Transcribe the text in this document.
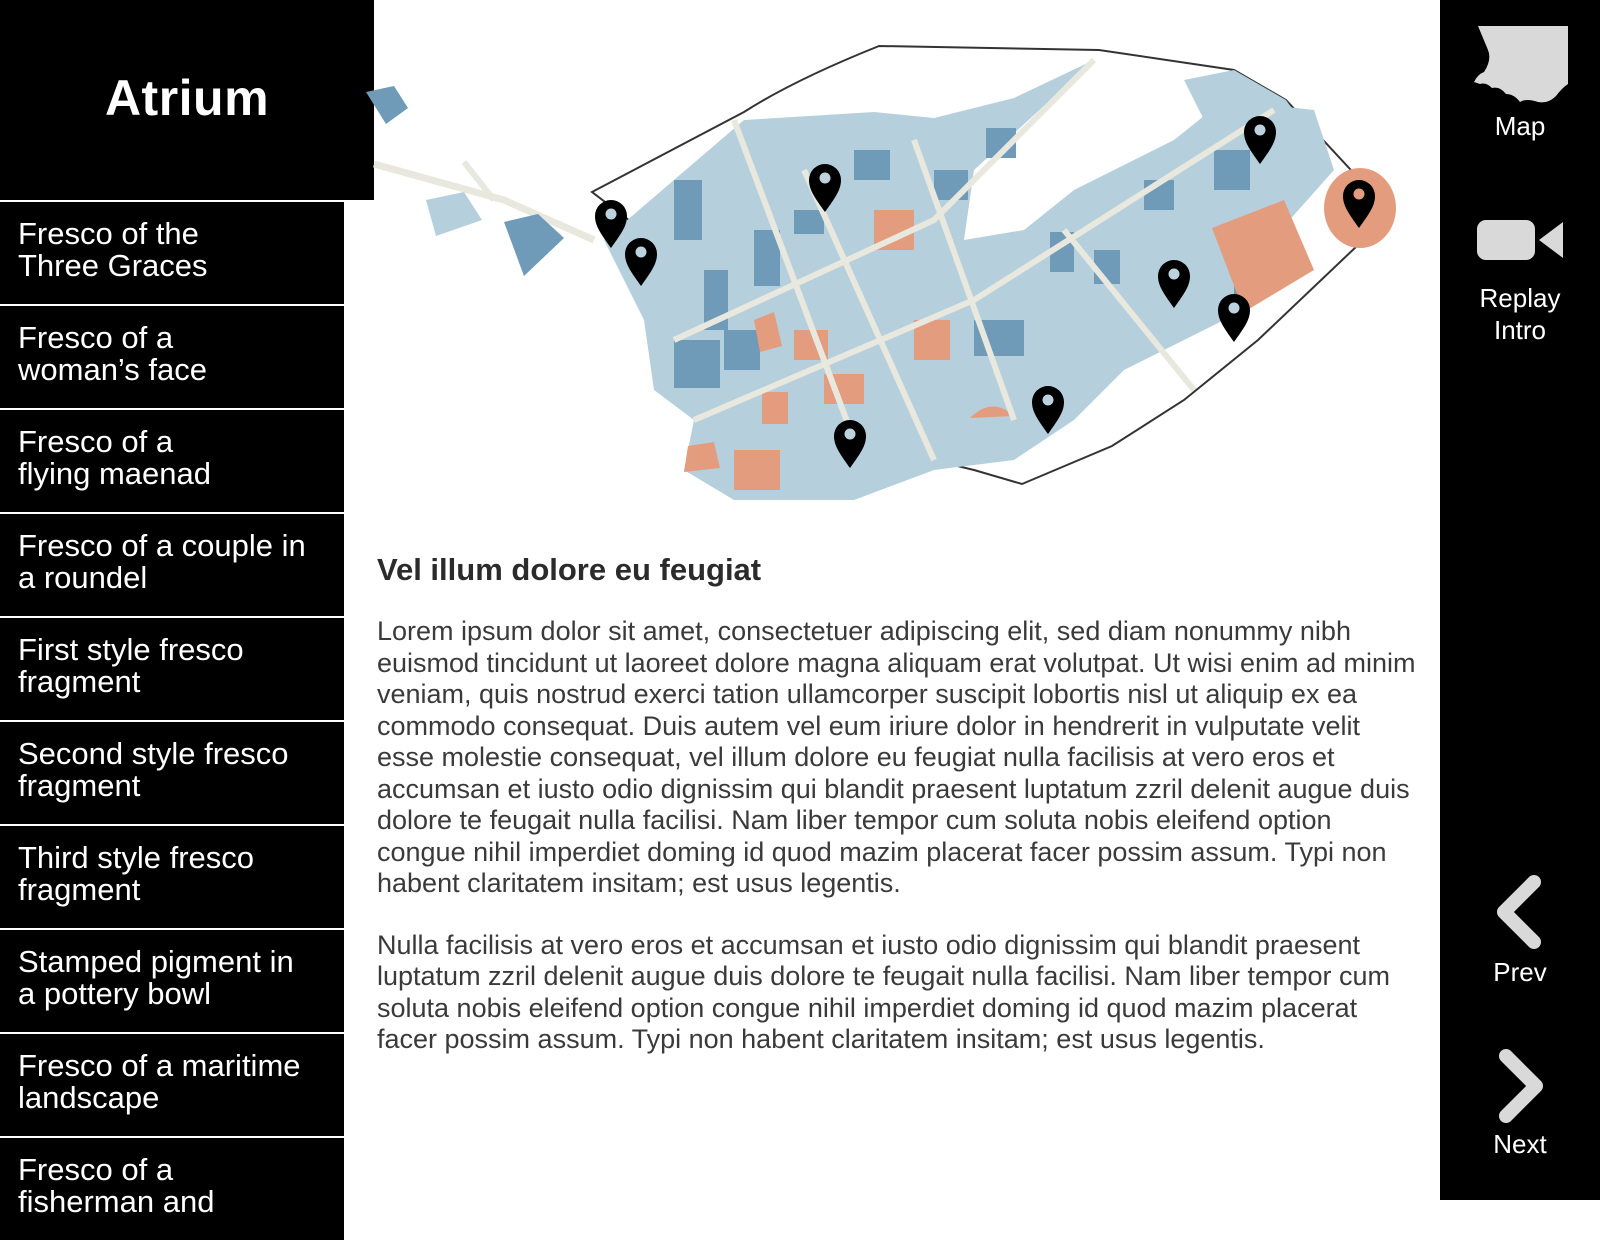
Atrium
Fresco of the
Three Graces
Fresco of a
woman’s face
Fresco of a
flying maenad
Fresco of a couple in
a roundel
First style fresco
fragment
Second style fresco
fragment
Third style fresco
fragment
Stamped pigment in
a pottery bowl
Fresco of a maritime
landscape
Fresco of a
fisherman and
Vel illum dolore eu feugiat

Lorem ipsum dolor sit amet, consectetuer adipiscing elit, sed diam nonummy nibh euismod tincidunt ut laoreet dolore magna aliquam erat volutpat. Ut wisi enim ad minim veniam, quis nostrud exerci tation ullamcorper suscipit lobortis nisl ut aliquip ex ea commodo consequat. Duis autem vel eum iriure dolor in hendrerit in vulputate velit esse molestie consequat, vel illum dolore eu feugiat nulla facilisis at vero eros et accumsan et iusto odio dignissim qui blandit praesent luptatum zzril delenit augue duis dolore te feugait nulla facilisi. Nam liber tempor cum soluta nobis eleifend option congue nihil imperdiet doming id quod mazim placerat facer possim assum. Typi non habent claritatem insitam; est usus legentis.

Nulla facilisis at vero eros et accumsan et iusto odio dignissim qui blandit praesent luptatum zzril delenit augue duis dolore te feugait nulla facilisi. Nam liber tempor cum soluta nobis eleifend option congue nihil imperdiet doming id quod mazim placerat facer possim assum. Typi non habent claritatem insitam; est usus legentis.

Map
Replay
Intro
Prev
Next
